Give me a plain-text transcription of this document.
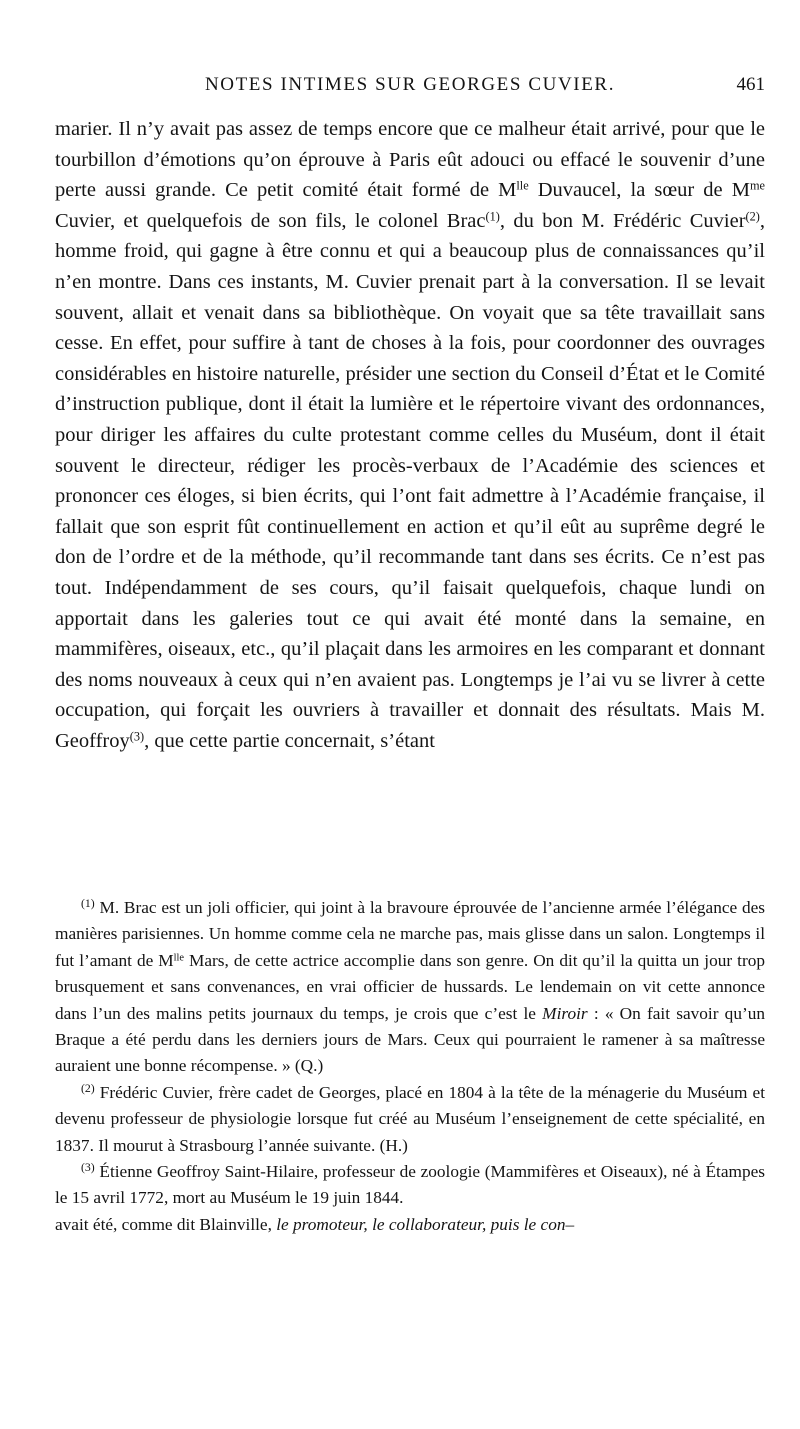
NOTES INTIMES SUR GEORGES CUVIER.	461

marier. Il n’y avait pas assez de temps encore que ce malheur était arrivé, pour que le tourbillon d’émotions qu’on éprouve à Paris eût adouci ou effacé le souvenir d’une perte aussi grande. Ce petit comité était formé de $M^{lle}$ Duvaucel, la sœur de $M^{me}$ Cuvier, et quelquefois de son fils, le colonel Brac$^{(1)}$, du bon M. Frédéric Cuvier$^{(2)}$, homme froid, qui gagne à être connu et qui a beaucoup plus de connaissances qu’il n’en montre. Dans ces instants, M. Cuvier prenait part à la conversation. Il se levait souvent, allait et venait dans sa bibliothèque. On voyait que sa tête travaillait sans cesse. En effet, pour suffire à tant de choses à la fois, pour coordonner des ouvrages considérables en histoire naturelle, présider une section du Conseil d’État et le Comité d’instruction publique, dont il était la lumière et le répertoire vivant des ordonnances, pour diriger les affaires du culte protestant comme celles du Muséum, dont il était souvent le directeur, rédiger les procès-verbaux de l’Académie des sciences et prononcer ces éloges, si bien écrits, qui l’ont fait admettre à l’Académie française, il fallait que son esprit fût continuellement en action et qu’il eût au suprême degré le don de l’ordre et de la méthode, qu’il recommande tant dans ses écrits. Ce n’est pas tout. Indépendamment de ses cours, qu’il faisait quelquefois, chaque lundi on apportait dans les galeries tout ce qui avait été monté dans la semaine, en mammifères, oiseaux, etc., qu’il plaçait dans les armoires en les comparant et donnant des noms nouveaux à ceux qui n’en avaient pas. Longtemps je l’ai vu se livrer à cette occupation, qui forçait les ouvriers à travailler et donnait des résultats. Mais M. Geoffroy$^{(3)}$, que cette partie concernait, s’étant

$^{(1)}$ M. Brac est un joli officier, qui joint à la bravoure éprouvée de l’ancienne armée l’élégance des manières parisiennes. Un homme comme cela ne marche pas, mais glisse dans un salon. Longtemps il fut l’amant de $M^{lle}$ Mars, de cette actrice accomplie dans son genre. On dit qu’il la quitta un jour trop brusquement et sans convenances, en vrai officier de hussards. Le lendemain on vit cette annonce dans l’un des malins petits journaux du temps, je crois que c’est le Miroir : « On fait savoir qu’un Braque a été perdu dans les derniers jours de Mars. Ceux qui pourraient le ramener à sa maîtresse auraient une bonne récompense. » (Q.)

$^{(2)}$ Frédéric Cuvier, frère cadet de Georges, placé en 1804 à la tête de la ménagerie du Muséum et devenu professeur de physiologie lorsque fut créé au Muséum l’enseignement de cette spécialité, en 1837. Il mourut à Strasbourg l’année suivante. (H.)

$^{(3)}$ Étienne Geoffroy Saint-Hilaire, professeur de zoologie (Mammifères et Oiseaux), né à Étampes le 15 avril 1772, mort au Muséum le 19 juin 1844.
avait été, comme dit Blainville, le promoteur, le collaborateur, puis le con–
